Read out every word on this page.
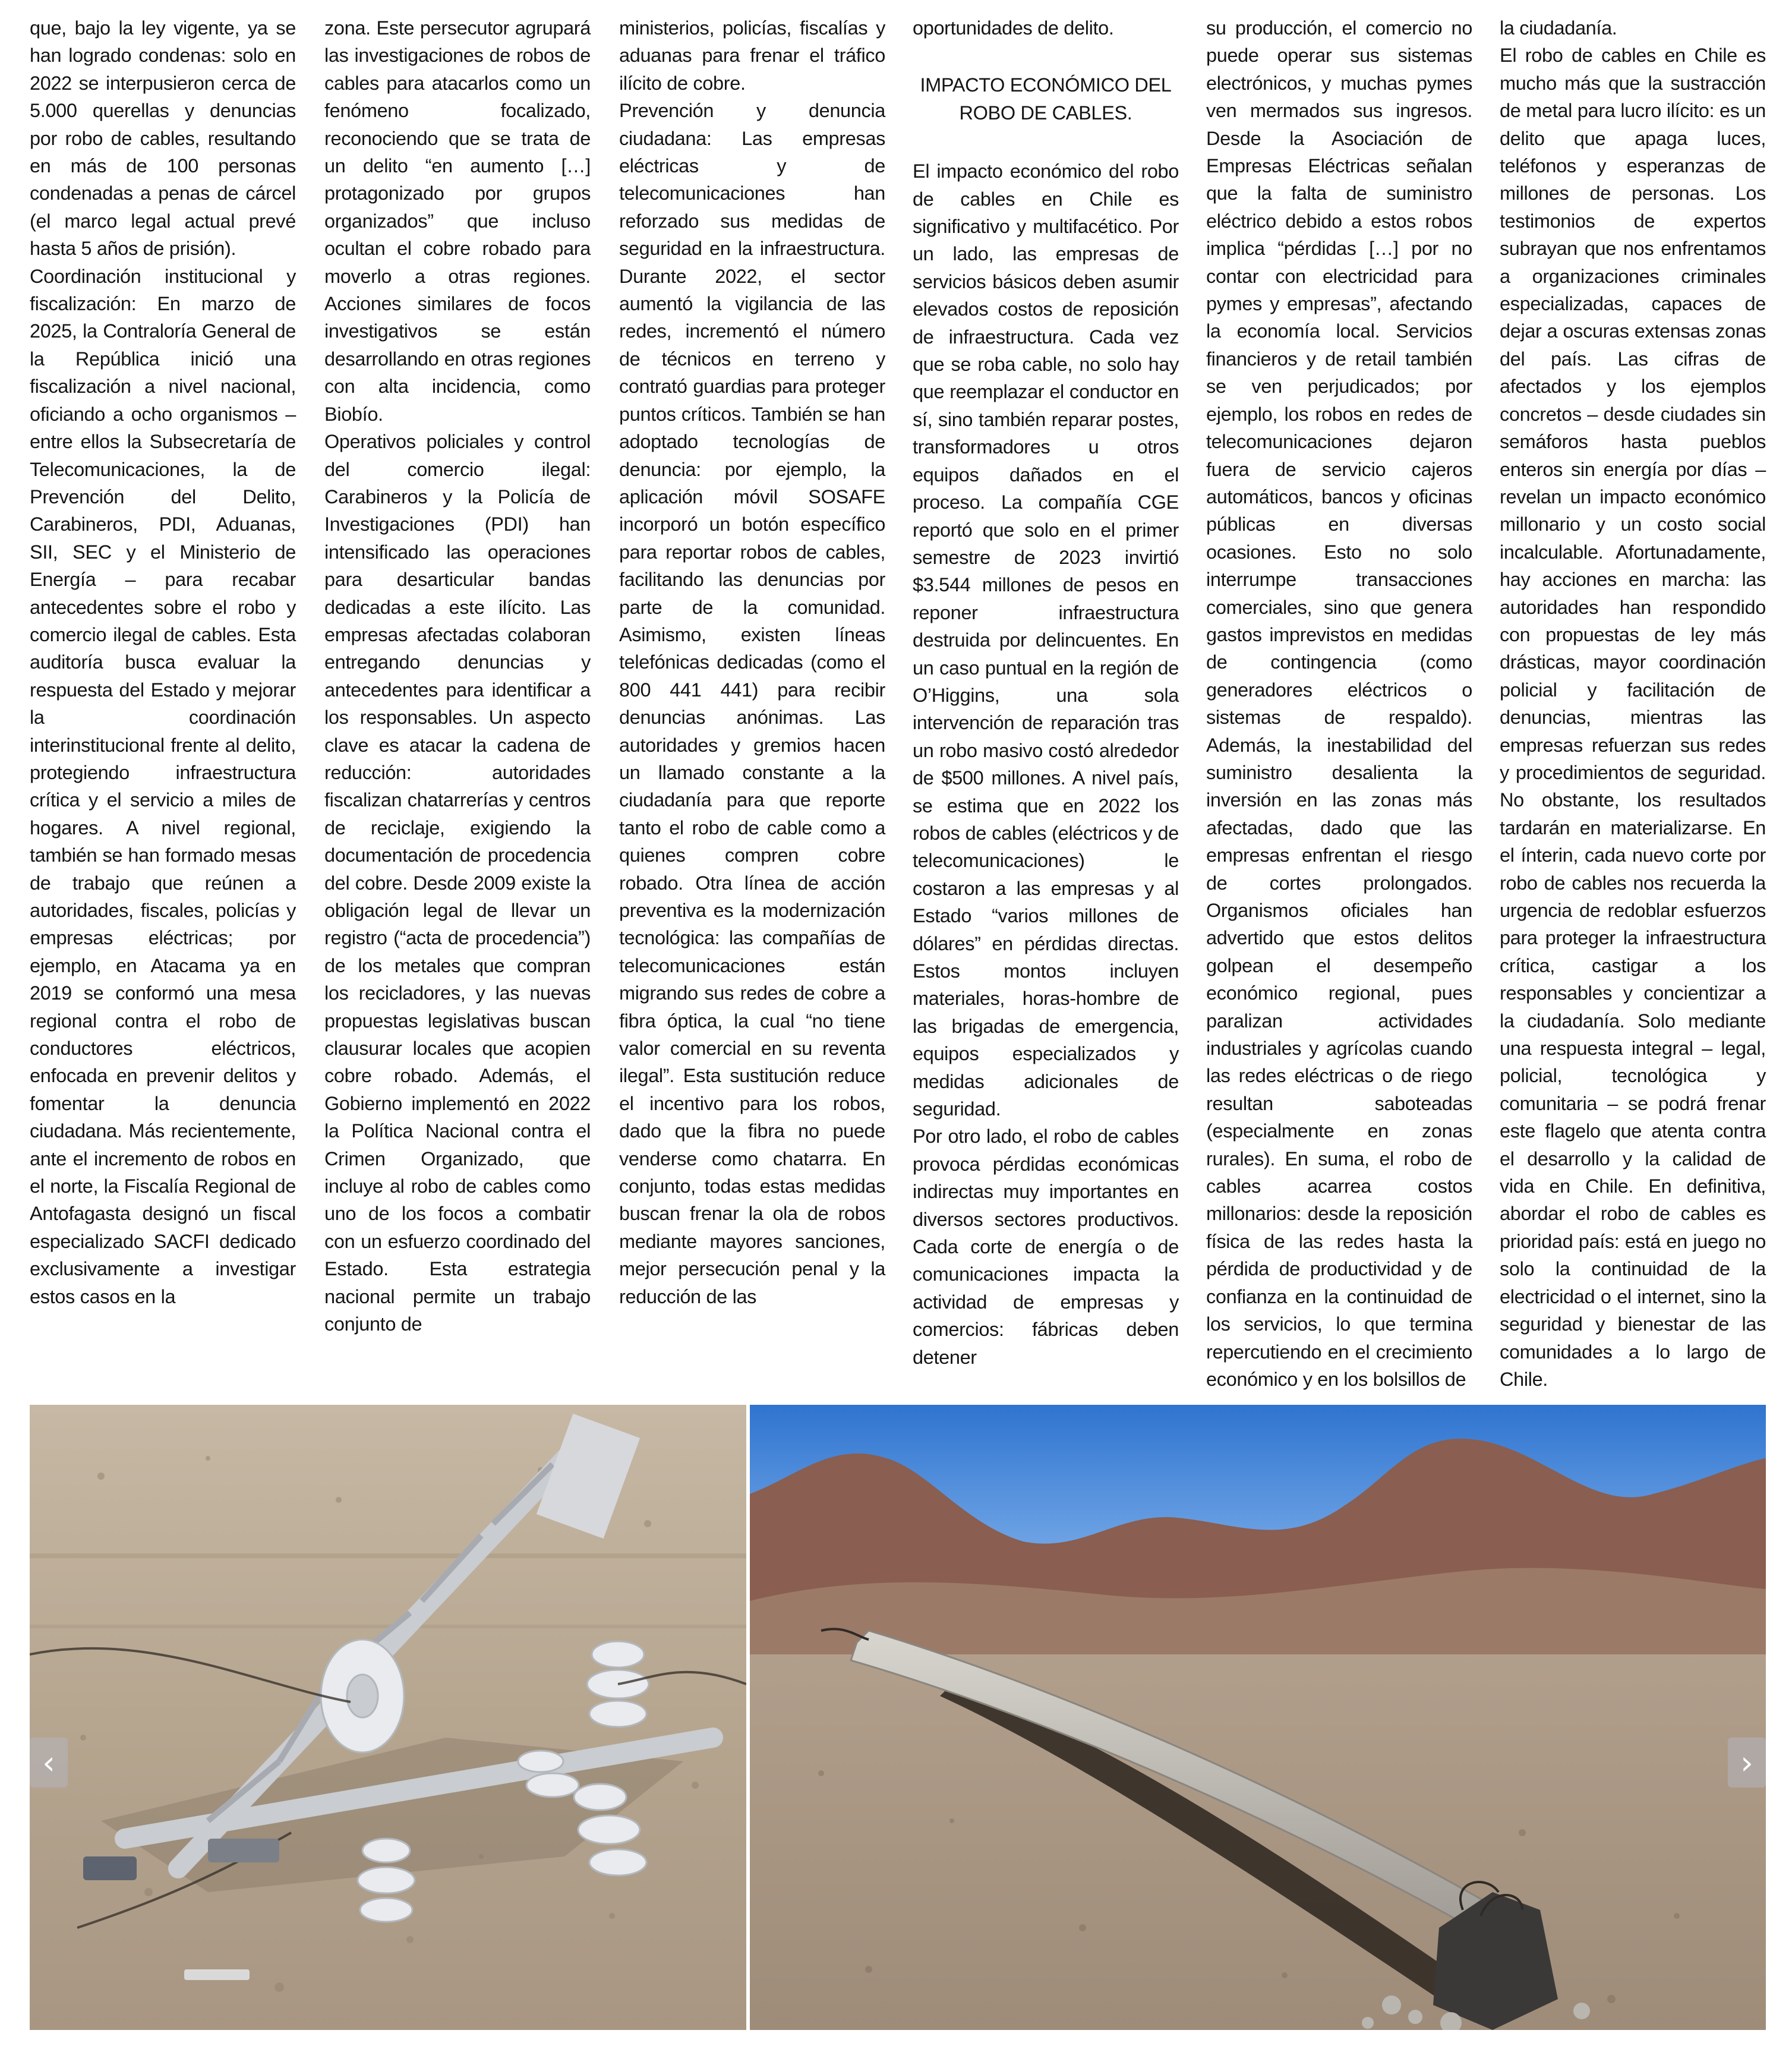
que, bajo la ley vigente, ya se han logrado condenas: solo en 2022 se interpusieron cerca de 5.000 querellas y denuncias por robo de cables, resultando en más de 100 personas condenadas a penas de cárcel (el marco legal actual prevé hasta 5 años de prisión).

Coordinación institucional y fiscalización: En marzo de 2025, la Contraloría General de la República inició una fiscalización a nivel nacional, oficiando a ocho organismos – entre ellos la Subsecretaría de Telecomunicaciones, la de Prevención del Delito, Carabineros, PDI, Aduanas, SII, SEC y el Ministerio de Energía – para recabar antecedentes sobre el robo y comercio ilegal de cables. Esta auditoría busca evaluar la respuesta del Estado y mejorar la coordinación interinstitucional frente al delito, protegiendo infraestructura crítica y el servicio a miles de hogares. A nivel regional, también se han formado mesas de trabajo que reúnen a autoridades, fiscales, policías y empresas eléctricas; por ejemplo, en Atacama ya en 2019 se conformó una mesa regional contra el robo de conductores eléctricos, enfocada en prevenir delitos y fomentar la denuncia ciudadana. Más recientemente, ante el incremento de robos en el norte, la Fiscalía Regional de Antofagasta designó un fiscal especializado SACFI dedicado exclusivamente a investigar estos casos en la

zona. Este persecutor agrupará las investigaciones de robos de cables para atacarlos como un fenómeno focalizado, reconociendo que se trata de un delito “en aumento […] protagonizado por grupos organizados” que incluso ocultan el cobre robado para moverlo a otras regiones. Acciones similares de focos investigativos se están desarrollando en otras regiones con alta incidencia, como Biobío.

Operativos policiales y control del comercio ilegal: Carabineros y la Policía de Investigaciones (PDI) han intensificado las operaciones para desarticular bandas dedicadas a este ilícito. Las empresas afectadas colaboran entregando denuncias y antecedentes para identificar a los responsables. Un aspecto clave es atacar la cadena de reducción: autoridades fiscalizan chatarrerías y centros de reciclaje, exigiendo la documentación de procedencia del cobre. Desde 2009 existe la obligación legal de llevar un registro (“acta de procedencia”) de los metales que compran los recicladores, y las nuevas propuestas legislativas buscan clausurar locales que acopien cobre robado. Además, el Gobierno implementó en 2022 la Política Nacional contra el Crimen Organizado, que incluye al robo de cables como uno de los focos a combatir con un esfuerzo coordinado del Estado. Esta estrategia nacional permite un trabajo conjunto de

ministerios, policías, fiscalías y aduanas para frenar el tráfico ilícito de cobre.

Prevención y denuncia ciudadana: Las empresas eléctricas y de telecomunicaciones han reforzado sus medidas de seguridad en la infraestructura. Durante 2022, el sector aumentó la vigilancia de las redes, incrementó el número de técnicos en terreno y contrató guardias para proteger puntos críticos. También se han adoptado tecnologías de denuncia: por ejemplo, la aplicación móvil SOSAFE incorporó un botón específico para reportar robos de cables, facilitando las denuncias por parte de la comunidad. Asimismo, existen líneas telefónicas dedicadas (como el 800 441 441) para recibir denuncias anónimas. Las autoridades y gremios hacen un llamado constante a la ciudadanía para que reporte tanto el robo de cable como a quienes compren cobre robado. Otra línea de acción preventiva es la modernización tecnológica: las compañías de telecomunicaciones están migrando sus redes de cobre a fibra óptica, la cual “no tiene valor comercial en su reventa ilegal”. Esta sustitución reduce el incentivo para los robos, dado que la fibra no puede venderse como chatarra. En conjunto, todas estas medidas buscan frenar la ola de robos mediante mayores sanciones, mejor persecución penal y la reducción de las

oportunidades de delito.

IMPACTO ECONÓMICO DEL ROBO DE CABLES.

El impacto económico del robo de cables en Chile es significativo y multifacético. Por un lado, las empresas de servicios básicos deben asumir elevados costos de reposición de infraestructura. Cada vez que se roba cable, no solo hay que reemplazar el conductor en sí, sino también reparar postes, transformadores u otros equipos dañados en el proceso. La compañía CGE reportó que solo en el primer semestre de 2023 invirtió $3.544 millones de pesos en reponer infraestructura destruida por delincuentes. En un caso puntual en la región de O’Higgins, una sola intervención de reparación tras un robo masivo costó alrededor de $500 millones. A nivel país, se estima que en 2022 los robos de cables (eléctricos y de telecomunicaciones) le costaron a las empresas y al Estado “varios millones de dólares” en pérdidas directas. Estos montos incluyen materiales, horas-hombre de las brigadas de emergencia, equipos especializados y medidas adicionales de seguridad.

Por otro lado, el robo de cables provoca pérdidas económicas indirectas muy importantes en diversos sectores productivos. Cada corte de energía o de comunicaciones impacta la actividad de empresas y comercios: fábricas deben detener

su producción, el comercio no puede operar sus sistemas electrónicos, y muchas pymes ven mermados sus ingresos. Desde la Asociación de Empresas Eléctricas señalan que la falta de suministro eléctrico debido a estos robos implica “pérdidas […] por no contar con electricidad para pymes y empresas”, afectando la economía local. Servicios financieros y de retail también se ven perjudicados; por ejemplo, los robos en redes de telecomunicaciones dejaron fuera de servicio cajeros automáticos, bancos y oficinas públicas en diversas ocasiones. Esto no solo interrumpe transacciones comerciales, sino que genera gastos imprevistos en medidas de contingencia (como generadores eléctricos o sistemas de respaldo). Además, la inestabilidad del suministro desalienta la inversión en las zonas más afectadas, dado que las empresas enfrentan el riesgo de cortes prolongados. Organismos oficiales han advertido que estos delitos golpean el desempeño económico regional, pues paralizan actividades industriales y agrícolas cuando las redes eléctricas o de riego resultan saboteadas (especialmente en zonas rurales). En suma, el robo de cables acarrea costos millonarios: desde la reposición física de las redes hasta la pérdida de productividad y de confianza en la continuidad de los servicios, lo que termina repercutiendo en el crecimiento económico y en los bolsillos de

la ciudadanía.

El robo de cables en Chile es mucho más que la sustracción de metal para lucro ilícito: es un delito que apaga luces, teléfonos y esperanzas de millones de personas. Los testimonios de expertos subrayan que nos enfrentamos a organizaciones criminales especializadas, capaces de dejar a oscuras extensas zonas del país. Las cifras de afectados y los ejemplos concretos – desde ciudades sin semáforos hasta pueblos enteros sin energía por días – revelan un impacto económico millonario y un costo social incalculable. Afortunadamente, hay acciones en marcha: las autoridades han respondido con propuestas de ley más drásticas, mayor coordinación policial y facilitación de denuncias, mientras las empresas refuerzan sus redes y procedimientos de seguridad. No obstante, los resultados tardarán en materializarse. En el ínterin, cada nuevo corte por robo de cables nos recuerda la urgencia de redoblar esfuerzos para proteger la infraestructura crítica, castigar a los responsables y concientizar a la ciudadanía. Solo mediante una respuesta integral – legal, policial, tecnológica y comunitaria – se podrá frenar este flagelo que atenta contra el desarrollo y la calidad de vida en Chile. En definitiva, abordar el robo de cables es prioridad país: está en juego no solo la continuidad de la electricidad o el internet, sino la seguridad y bienestar de las comunidades a lo largo de Chile.

‹	›
